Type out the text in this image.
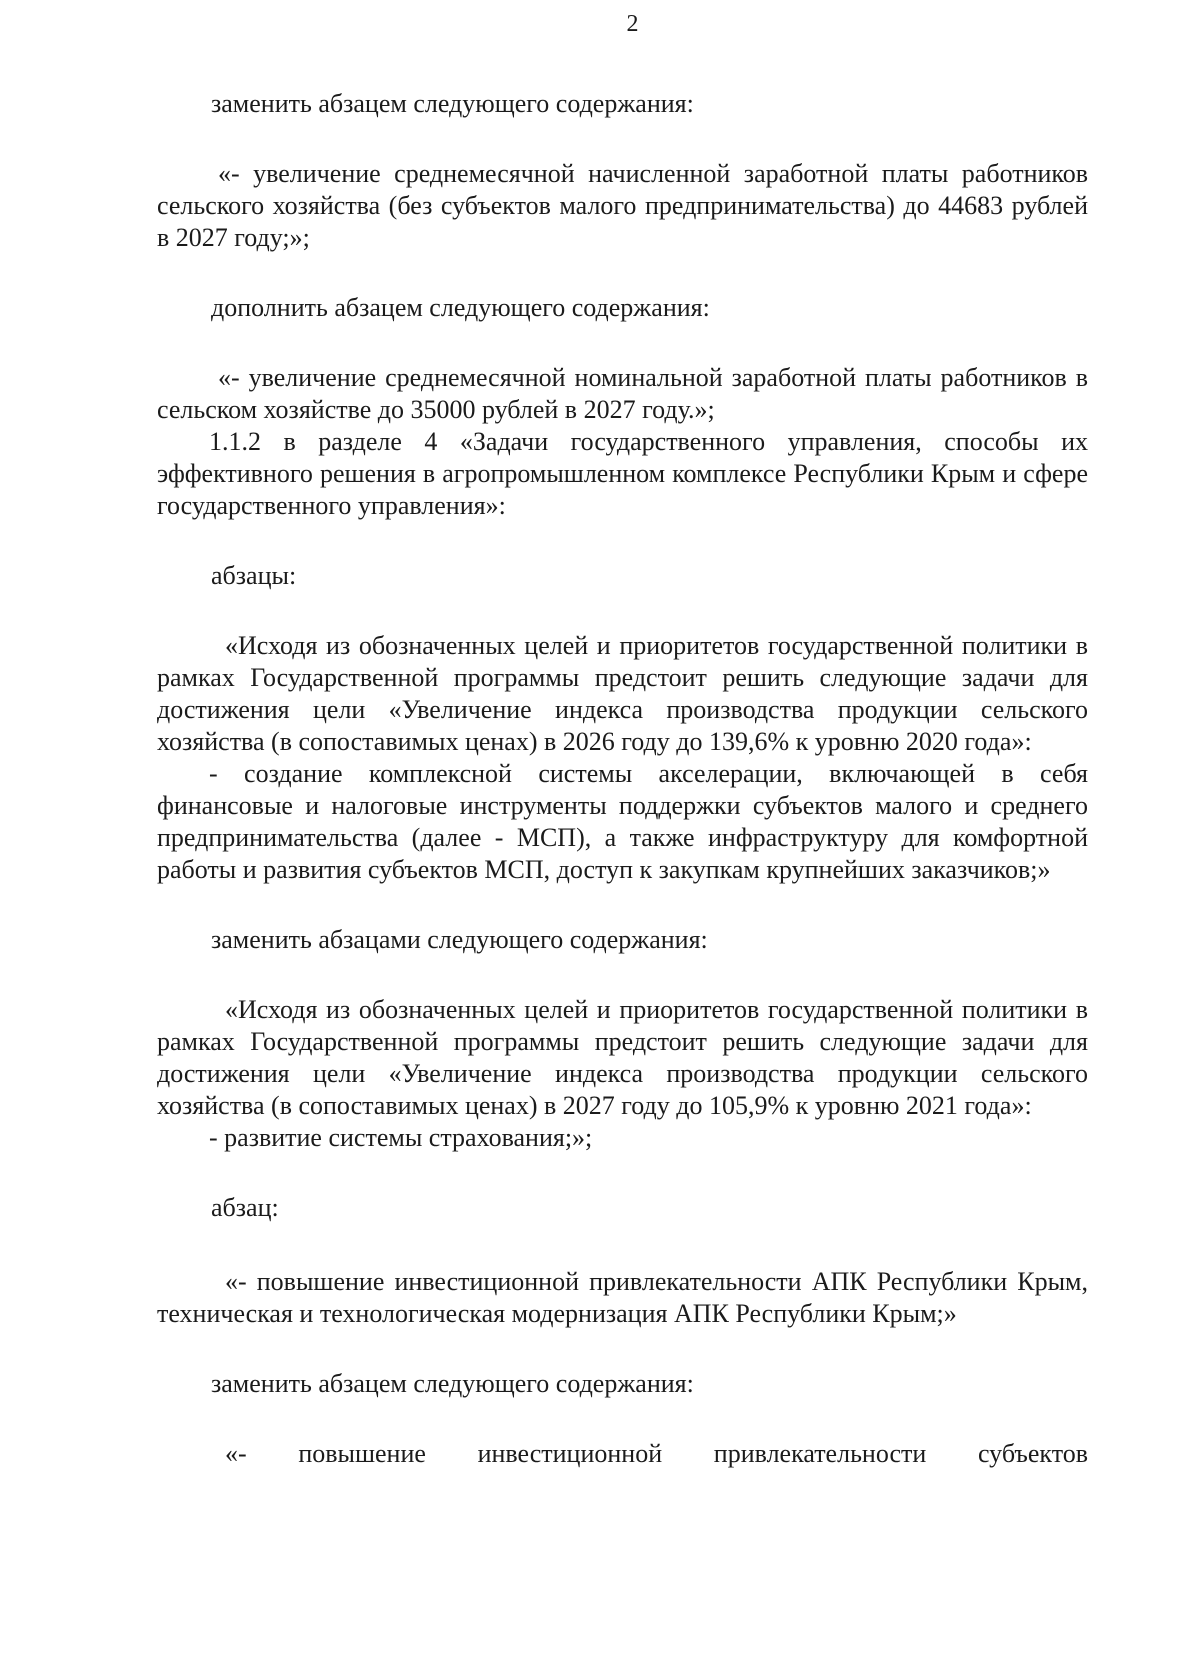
2

заменить абзацем следующего содержания:

«- увеличение среднемесячной начисленной заработной платы работников сельского хозяйства (без субъектов малого предпринимательства) до 44683 рублей в 2027 году;»;

дополнить абзацем следующего содержания:

«- увеличение среднемесячной номинальной заработной платы работников в сельском хозяйстве до 35000 рублей в 2027 году.»;

1.1.2 в разделе 4 «Задачи государственного управления, способы их эффективного решения в агропромышленном комплексе Республики Крым и сфере государственного управления»:

абзацы:

«Исходя из обозначенных целей и приоритетов государственной политики в рамках Государственной программы предстоит решить следующие задачи для достижения цели «Увеличение индекса производства продукции сельского хозяйства (в сопоставимых ценах) в 2026 году до 139,6% к уровню 2020 года»:

- создание комплексной системы акселерации, включающей в себя финансовые и налоговые инструменты поддержки субъектов малого и среднего предпринимательства (далее - МСП), а также инфраструктуру для комфортной работы и развития субъектов МСП, доступ к закупкам крупнейших заказчиков;»

заменить абзацами следующего содержания:

«Исходя из обозначенных целей и приоритетов государственной политики в рамках Государственной программы предстоит решить следующие задачи для достижения цели «Увеличение индекса производства продукции сельского хозяйства (в сопоставимых ценах) в 2027 году до 105,9% к уровню 2021 года»:

- развитие системы страхования;»;

абзац:

«- повышение инвестиционной привлекательности АПК Республики Крым, техническая и технологическая модернизация АПК Республики Крым;»

заменить абзацем следующего содержания:

«- повышение инвестиционной привлекательности субъектов
